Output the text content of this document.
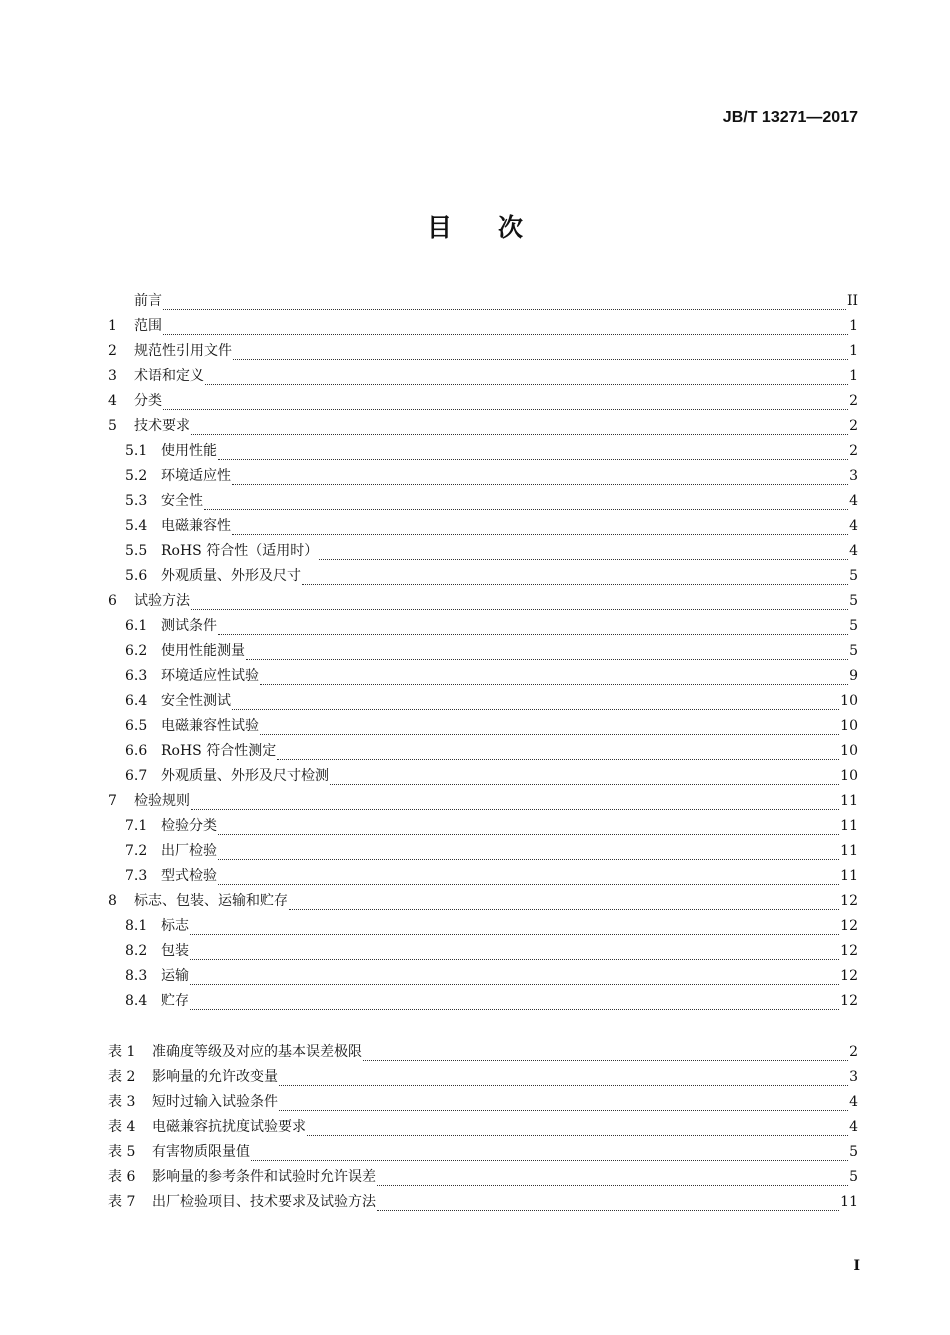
JB/T 13271—2017
目次
前言	II
1	范围	1
2	规范性引用文件	1
3	术语和定义	1
4	分类	2
5	技术要求	2
5.1 使用性能	2
5.2 环境适应性	3
5.3 安全性	4
5.4 电磁兼容性	4
5.5 RoHS 符合性（适用时）	4
5.6 外观质量、外形及尺寸	5
6	试验方法	5
6.1 测试条件	5
6.2 使用性能测量	5
6.3 环境适应性试验	9
6.4 安全性测试	10
6.5 电磁兼容性试验	10
6.6 RoHS 符合性测定	10
6.7 外观质量、外形及尺寸检测	10
7	检验规则	11
7.1 检验分类	11
7.2 出厂检验	11
7.3 型式检验	11
8	标志、包装、运输和贮存	12
8.1 标志	12
8.2 包装	12
8.3 运输	12
8.4 贮存	12
表 1	准确度等级及对应的基本误差极限	2
表 2	影响量的允许改变量	3
表 3	短时过输入试验条件	4
表 4	电磁兼容抗扰度试验要求	4
表 5	有害物质限量值	5
表 6	影响量的参考条件和试验时允许误差	5
表 7	出厂检验项目、技术要求及试验方法	11
I
